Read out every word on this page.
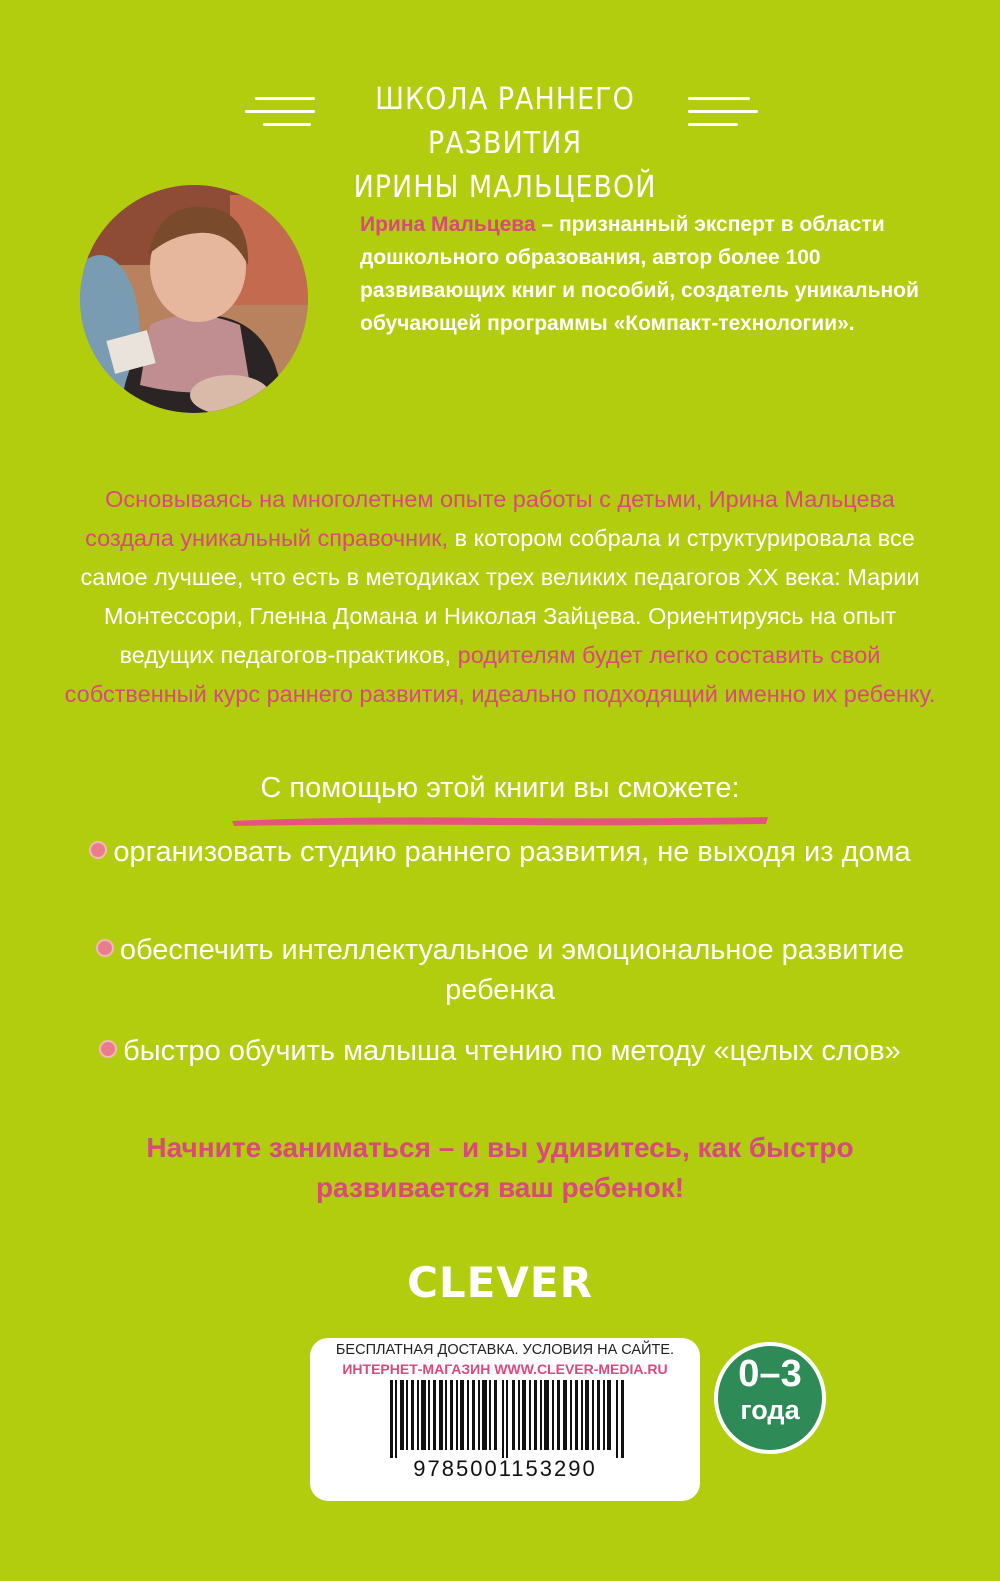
ШКОЛА РАННЕГО РАЗВИТИЯ
ИРИНЫ МАЛЬЦЕВОЙ
Ирина Мальцева – признанный эксперт в области дошкольного образования, автор более 100 развивающих книг и пособий, создатель уникальной обучающей программы «Компакт-технологии».
Основываясь на многолетнем опыте работы с детьми, Ирина Мальцева создала уникальный справочник, в котором собрала и структурировала все самое лучшее, что есть в методиках трех великих педагогов XX века: Марии Монтессори, Гленна Домана и Николая Зайцева. Ориентируясь на опыт ведущих педагогов-практиков, родителям будет легко составить свой собственный курс раннего развития, идеально подходящий именно их ребенку.
С помощью этой книги вы сможете:
организовать студию раннего развития, не выходя из дома
обеспечить интеллектуальное и эмоциональное развитие ребенка
быстро обучить малыша чтению по методу «целых слов»
Начните заниматься – и вы удивитесь, как быстро развивается ваш ребенок!
CLEVER
БЕСПЛАТНАЯ ДОСТАВКА. УСЛОВИЯ НА САЙТЕ.
ИНТЕРНЕТ-МАГАЗИН WWW.CLEVER-MEDIA.RU
9785001153290
0–3
года
